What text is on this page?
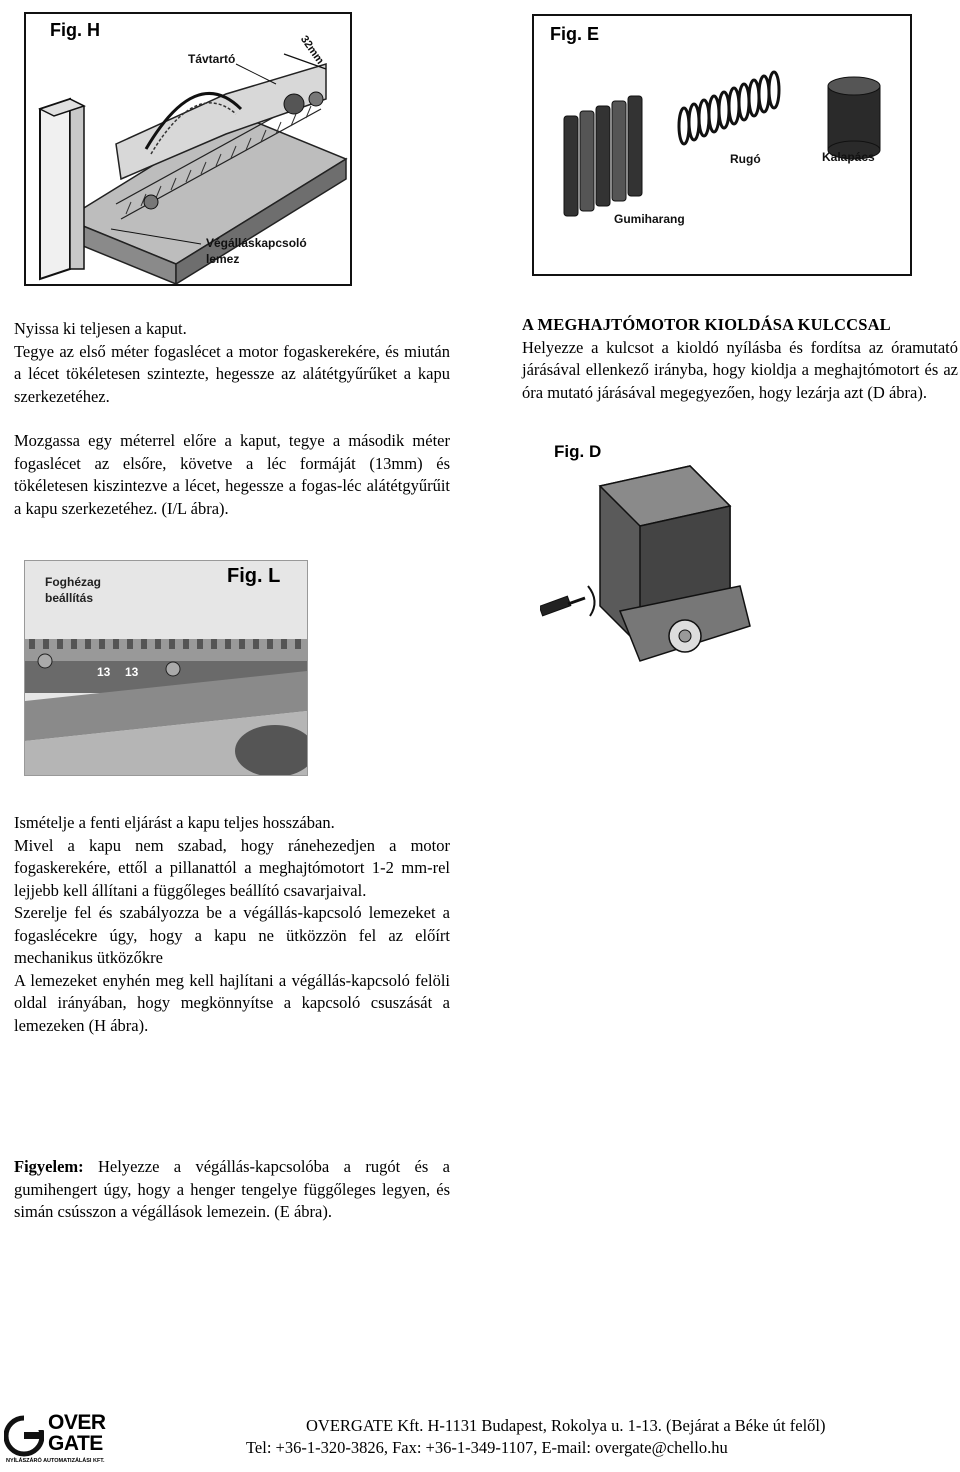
Fig. H
Távtartó	32mm
Végálláskapcsoló
lemez
Fig. E
Rugó	Kalapács
Gumiharang

Nyissa ki teljesen a kaput.

Tegye az első méter fogaslécet a motor fogaskerekére, és miután a lécet tökéletesen szintezte, hegessze az alátétgyűrűket a kapu szerkezetéhez.

Mozgassa egy méterrel előre a kaput, tegye a második méter fogaslécet az elsőre, követve a léc formáját (13mm) és tökéletesen kiszintezve a lécet, hegessze a fogas-léc alátétgyűrűit a kapu szerkezetéhez. (I/L ábra).

A MEGHAJTÓMOTOR KIOLDÁSA KULCCSAL

Helyezze a kulcsot a kioldó nyílásba és fordítsa az óramutató járásával ellenkező irányba, hogy kioldja a meghajtómotort és az óra mutató járásával megegyezően, hogy lezárja azt (D ábra).

Fig. D
Foghézag
beállítás
Fig. L
13 13

Ismételje a fenti eljárást a kapu teljes hosszában.

Mivel a kapu nem szabad, hogy ránehezedjen a motor fogaskerekére, ettől a pillanattól a meghajtómotort 1-2 mm-rel lejjebb kell állítani a függőleges beállító csavarjaival.

Szerelje fel és szabályozza be a végállás-kapcsoló lemezeket a fogaslécekre úgy, hogy a kapu ne ütközzön fel az előírt mechanikus ütközőkre

A lemezeket enyhén meg kell hajlítani a végállás-kapcsoló felöli oldal irányában, hogy megkönnyítse a kapcsoló csuszását a lemezeken (H ábra).

Figyelem: Helyezze a végállás-kapcsolóba a rugót és a gumihengert úgy, hogy a henger tengelye függőleges legyen, és simán csússzon a végállások lemezein. (E ábra).

OVER
GATE
NYÍLÁSZÁRÓ AUTOMATIZÁLÁSI KFT.
OVERGATE Kft. H-1131 Budapest, Rokolya u. 1-13. (Bejárat a Béke út felől)
Tel: +36-1-320-3826, Fax: +36-1-349-1107, E-mail: overgate@chello.hu
